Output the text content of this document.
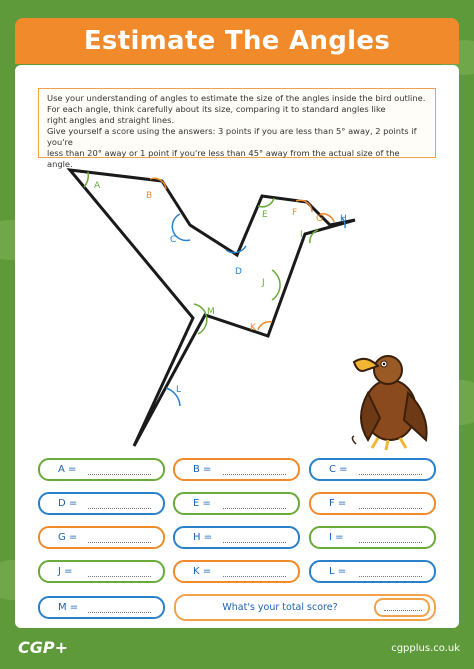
Estimate The Angles

Use your understanding of angles to estimate the size of the angles inside the bird outline.

For each angle, think carefully about its size, comparing it to standard angles like

right angles and straight lines.

Give yourself a score using the answers: 3 points if you are less than 5° away, 2 points if you're

less than 20° away or 1 point if you're less than 45° away from the actual size of the angle.

A
B
C
D
E	F
G H
I
J
K
L
M
A =	B =	C =
D =	E =	F =
G =	H =	I =
J =	K =	L =
M =	What's your total score?
CGP+	cgpplus.co.uk
